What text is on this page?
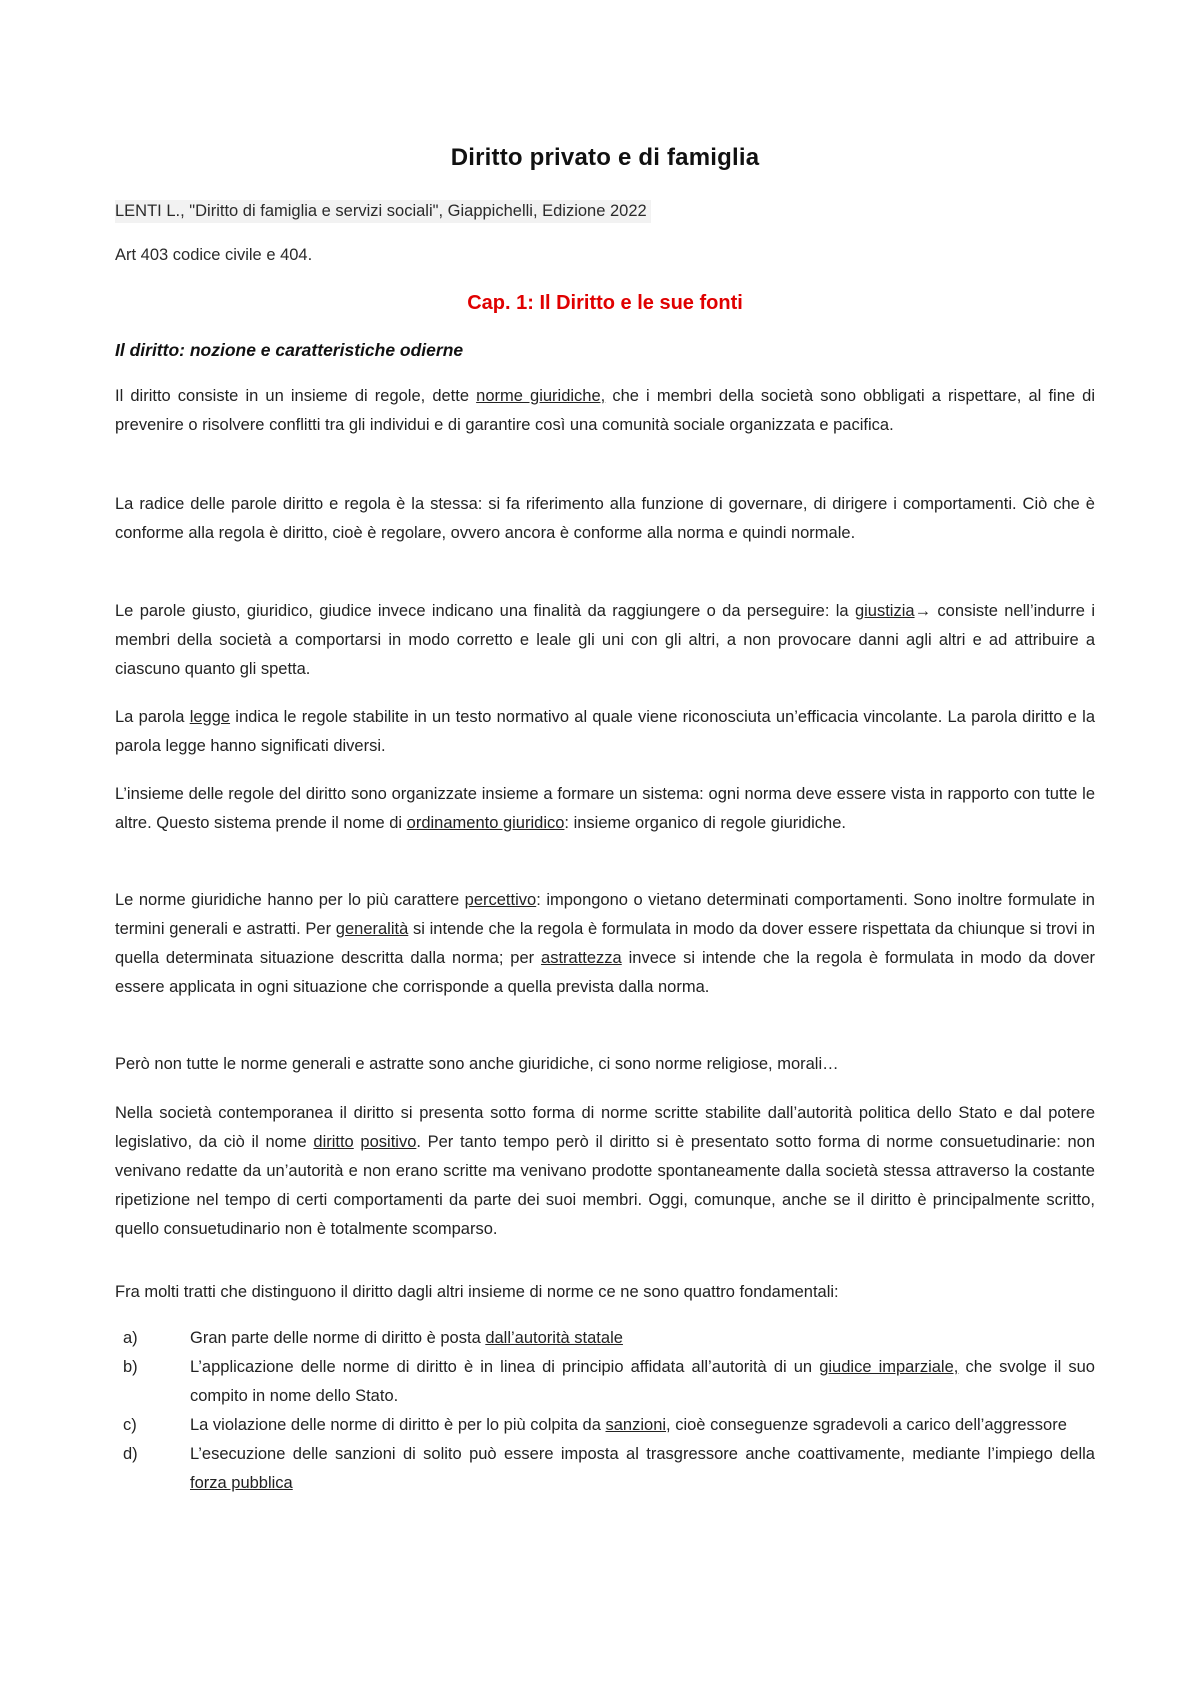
Diritto privato e di famiglia
LENTI L., "Diritto di famiglia e servizi sociali", Giappichelli, Edizione 2022
Art 403 codice civile e 404.
Cap. 1: Il Diritto e le sue fonti
Il diritto: nozione e caratteristiche odierne

Il diritto consiste in un insieme di regole, dette norme giuridiche, che i membri della società sono obbligati a rispettare, al fine di prevenire o risolvere conflitti tra gli individui e di garantire così una comunità sociale organizzata e pacifica.

La radice delle parole diritto e regola è la stessa: si fa riferimento alla funzione di governare, di dirigere i comportamenti. Ciò che è conforme alla regola è diritto, cioè è regolare, ovvero ancora è conforme alla norma e quindi normale.

Le parole giusto, giuridico, giudice invece indicano una finalità da raggiungere o da perseguire: la giustizia→ consiste nell’indurre i membri della società a comportarsi in modo corretto e leale gli uni con gli altri, a non provocare danni agli altri e ad attribuire a ciascuno quanto gli spetta.

La parola legge indica le regole stabilite in un testo normativo al quale viene riconosciuta un’efficacia vincolante. La parola diritto e la parola legge hanno significati diversi.

L’insieme delle regole del diritto sono organizzate insieme a formare un sistema: ogni norma deve essere vista in rapporto con tutte le altre. Questo sistema prende il nome di ordinamento giuridico: insieme organico di regole giuridiche.

Le norme giuridiche hanno per lo più carattere percettivo: impongono o vietano determinati comportamenti. Sono inoltre formulate in termini generali e astratti. Per generalità si intende che la regola è formulata in modo da dover essere rispettata da chiunque si trovi in quella determinata situazione descritta dalla norma; per astrattezza invece si intende che la regola è formulata in modo da dover essere applicata in ogni situazione che corrisponde a quella prevista dalla norma.

Però non tutte le norme generali e astratte sono anche giuridiche, ci sono norme religiose, morali…

Nella società contemporanea il diritto si presenta sotto forma di norme scritte stabilite dall’autorità politica dello Stato e dal potere legislativo, da ciò il nome diritto positivo. Per tanto tempo però il diritto si è presentato sotto forma di norme consuetudinarie: non venivano redatte da un’autorità e non erano scritte ma venivano prodotte spontaneamente dalla società stessa attraverso la costante ripetizione nel tempo di certi comportamenti da parte dei suoi membri. Oggi, comunque, anche se il diritto è principalmente scritto, quello consuetudinario non è totalmente scomparso.

Fra molti tratti che distinguono il diritto dagli altri insieme di norme ce ne sono quattro fondamentali:

a)	Gran parte delle norme di diritto è posta dall’autorità statale
b)	L’applicazione delle norme di diritto è in linea di principio affidata all’autorità di un giudice imparziale, che svolge il suo compito in nome dello Stato.
c)	La violazione delle norme di diritto è per lo più colpita da sanzioni, cioè conseguenze sgradevoli a carico dell’aggressore
d)	L’esecuzione delle sanzioni di solito può essere imposta al trasgressore anche coattivamente, mediante l’impiego della forza pubblica
